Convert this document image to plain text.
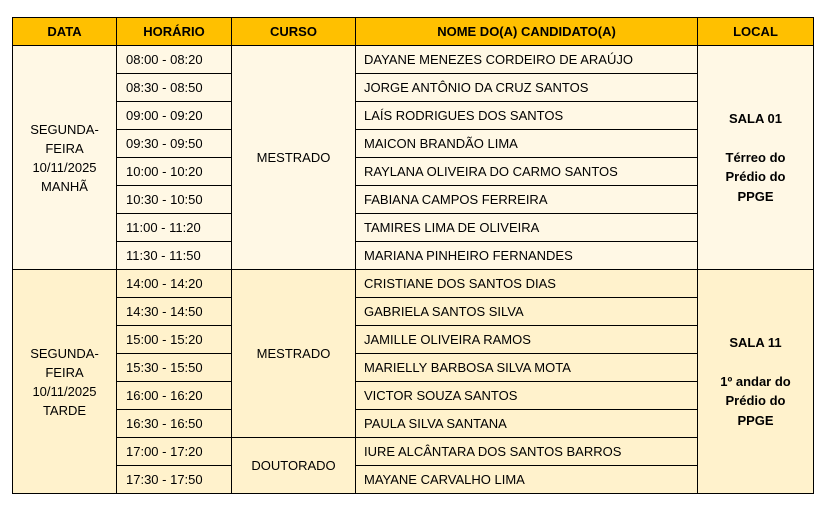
DATA	HORÁRIO	CURSO	NOME DO(A) CANDIDATO(A)	LOCAL

SEGUNDA-
FEIRA
10/11/2025
MANHÃ	08:00 - 08:20	MESTRADO	DAYANE MENEZES CORDEIRO DE ARAÚJO	SALA 01

Térreo do
Prédio do
PPGE

	08:30 - 08:50		JORGE ANTÔNIO DA CRUZ SANTOS	
	09:00 - 09:20		LAÍS RODRIGUES DOS SANTOS	
	09:30 - 09:50		MAICON BRANDÃO LIMA	
	10:00 - 10:20		RAYLANA OLIVEIRA DO CARMO SANTOS	
	10:30 - 10:50		FABIANA CAMPOS FERREIRA	
	11:00 - 11:20		TAMIRES LIMA DE OLIVEIRA	
	11:30 - 11:50		MARIANA PINHEIRO FERNANDES	

SEGUNDA-
FEIRA
10/11/2025
TARDE	14:00 - 14:20	MESTRADO	CRISTIANE DOS SANTOS DIAS	SALA 11

1º andar do
Prédio do
PPGE

	14:30 - 14:50		GABRIELA SANTOS SILVA	
	15:00 - 15:20		JAMILLE OLIVEIRA RAMOS	
	15:30 - 15:50		MARIELLY BARBOSA SILVA MOTA	
	16:00 - 16:20		VICTOR SOUZA SANTOS	
	16:30 - 16:50		PAULA SILVA SANTANA	
	17:00 - 17:20	DOUTORADO	IURE ALCÂNTARA DOS SANTOS BARROS	
	17:30 - 17:50		MAYANE CARVALHO LIMA	
